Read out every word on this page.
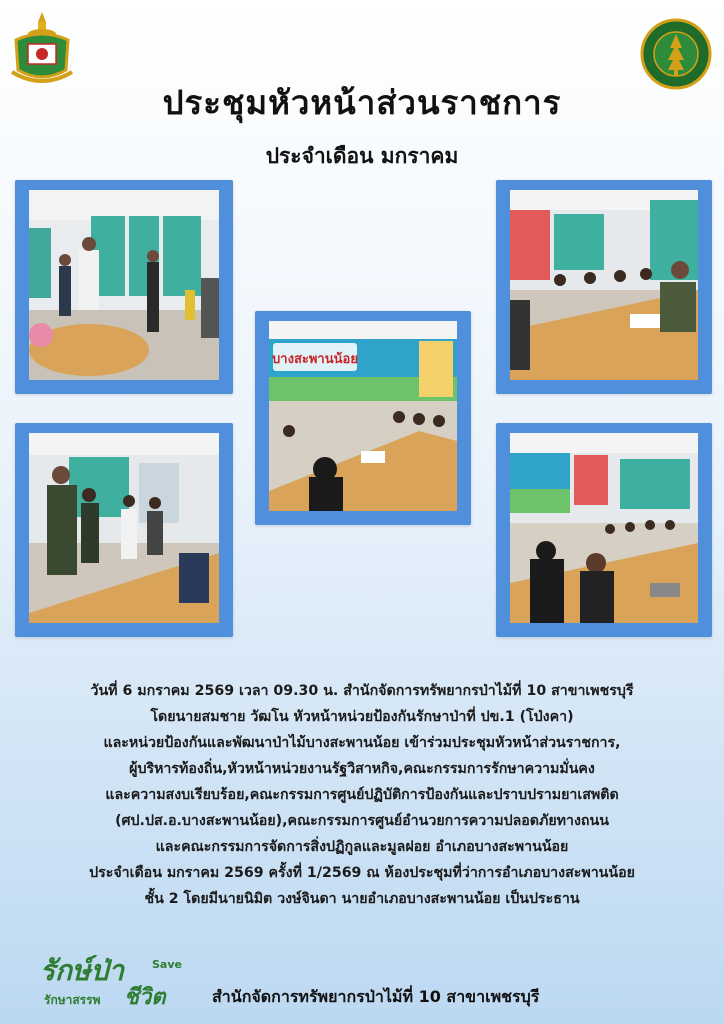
ประชุมหัวหน้าส่วนราชการ
ประจำเดือน มกราคม
บางสะพานน้อย
วันที่ 6 มกราคม 2569 เวลา 09.30 น. สำนักจัดการทรัพยากรป่าไม้ที่ 10 สาขาเพชรบุรี
โดยนายสมชาย วัฒโน หัวหน้าหน่วยป้องกันรักษาป่าที่ ปข.1 (โป่งคา)
และหน่วยป้องกันและพัฒนาป่าไม้บางสะพานน้อย เข้าร่วมประชุมหัวหน้าส่วนราชการ,
ผู้บริหารท้องถิ่น,หัวหน้าหน่วยงานรัฐวิสาหกิจ,คณะกรรมการรักษาความมั่นคง
และความสงบเรียบร้อย,คณะกรรมการศูนย์ปฏิบัติการป้องกันและปราบปรามยาเสพติด
(ศป.ปส.อ.บางสะพานน้อย),คณะกรรมการศูนย์อำนวยการความปลอดภัยทางถนน
และคณะกรรมการจัดการสิ่งปฏิกูลและมูลฝอย อำเภอบางสะพานน้อย
ประจำเดือน มกราคม 2569 ครั้งที่ 1/2569 ณ ห้องประชุมที่ว่าการอำเภอบางสะพานน้อย
ชั้น 2 โดยมีนายนิมิต วงษ์จินดา นายอำเภอบางสะพานน้อย เป็นประธาน
รักษ์ป่า	Save
รักษาสรรพ ชีวิต	สำนักจัดการทรัพยากรป่าไม้ที่ 10 สาขาเพชรบุรี
